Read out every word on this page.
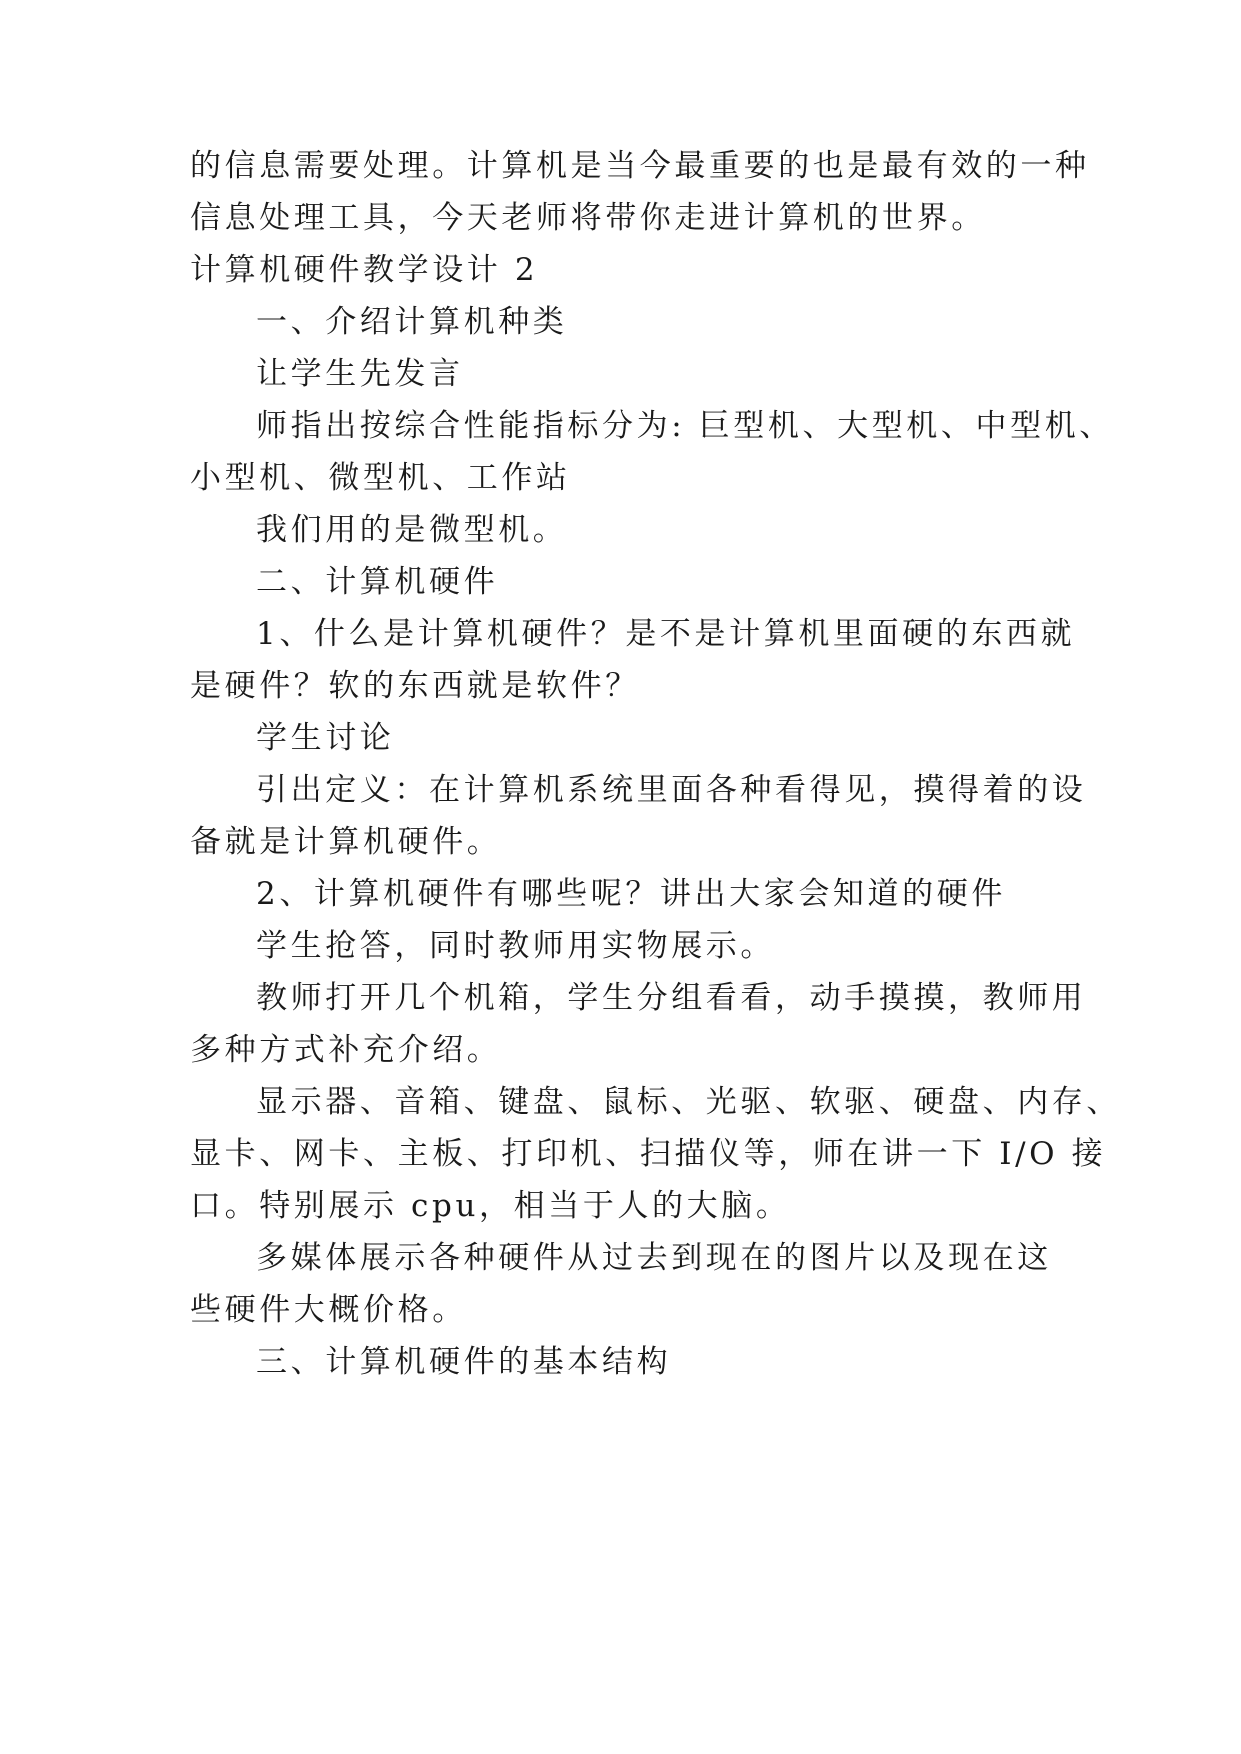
的信息需要处理。计算机是当今最重要的也是最有效的一种

信息处理工具，今天老师将带你走进计算机的世界。

计算机硬件教学设计 2

一、介绍计算机种类

让学生先发言

师指出按综合性能指标分为: 巨型机、大型机、中型机、

小型机、微型机、工作站

我们用的是微型机。

二、计算机硬件

1、什么是计算机硬件？是不是计算机里面硬的东西就

是硬件？软的东西就是软件？

学生讨论

引出定义：在计算机系统里面各种看得见，摸得着的设

备就是计算机硬件。

2、计算机硬件有哪些呢？讲出大家会知道的硬件

学生抢答，同时教师用实物展示。

教师打开几个机箱，学生分组看看，动手摸摸，教师用

多种方式补充介绍。

显示器、音箱、键盘、鼠标、光驱、软驱、硬盘、内存、

显卡、网卡、主板、打印机、扫描仪等，师在讲一下 I/O 接

口。特别展示 cpu，相当于人的大脑。

多媒体展示各种硬件从过去到现在的图片以及现在这

些硬件大概价格。

三、计算机硬件的基本结构
